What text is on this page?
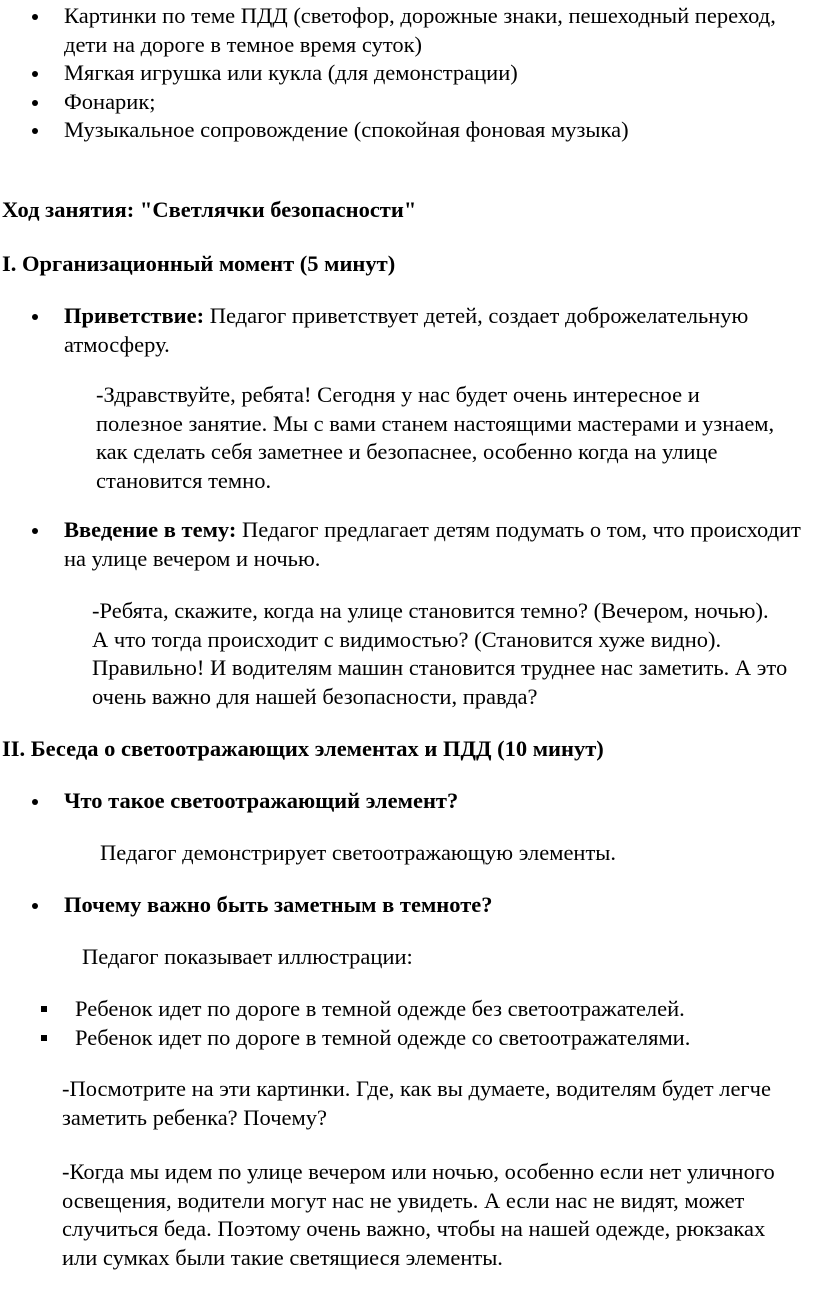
Картинки по теме ПДД (светофор, дорожные знаки, пешеходный переход, дети на дороге в темное время суток)
Мягкая игрушка или кукла (для демонстрации)
Фонарик;
Музыкальное сопровождение (спокойная фоновая музыка)

Ход занятия: "Светлячки безопасности"

I. Организационный момент (5 минут)

Приветствие: Педагог приветствует детей, создает доброжелательную атмосферу.

-Здравствуйте, ребята! Сегодня у нас будет очень интересное и полезное занятие. Мы с вами станем настоящими мастерами и узнаем, как сделать себя заметнее и безопаснее, особенно когда на улице становится темно.

Введение в тему: Педагог предлагает детям подумать о том, что происходит на улице вечером и ночью.

-Ребята, скажите, когда на улице становится темно? (Вечером, ночью). А что тогда происходит с видимостью? (Становится хуже видно). Правильно! И водителям машин становится труднее нас заметить. А это очень важно для нашей безопасности, правда?

II. Беседа о светоотражающих элементах и ПДД (10 минут)

Что такое светоотражающий элемент?

Педагог демонстрирует светоотражающую элементы.

Почему важно быть заметным в темноте?

Педагог показывает иллюстрации:

Ребенок идет по дороге в темной одежде без светоотражателей.
Ребенок идет по дороге в темной одежде со светоотражателями.

-Посмотрите на эти картинки. Где, как вы думаете, водителям будет легче заметить ребенка? Почему?

-Когда мы идем по улице вечером или ночью, особенно если нет уличного освещения, водители могут нас не увидеть. А если нас не видят, может случиться беда. Поэтому очень важно, чтобы на нашей одежде, рюкзаках или сумках были такие светящиеся элементы.
